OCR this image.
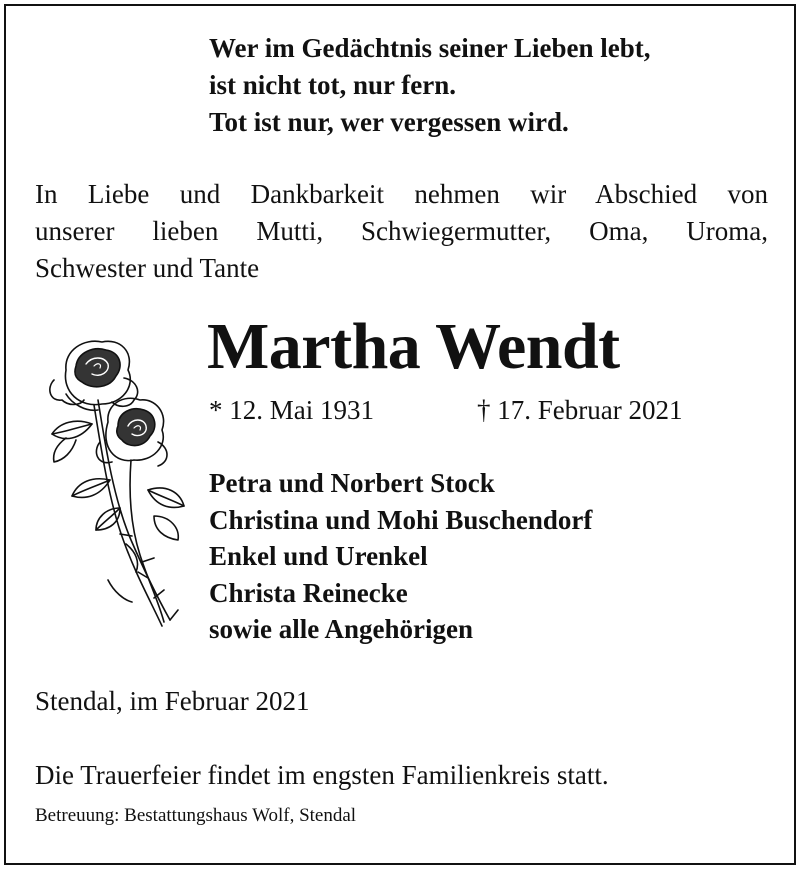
Wer im Gedächtnis seiner Lieben lebt,
ist nicht tot, nur fern.
Tot ist nur, wer vergessen wird.
In Liebe und Dankbarkeit nehmen wir Abschied von
unserer lieben Mutti, Schwiegermutter, Oma, Uroma,
Schwester und Tante
Martha Wendt
* 12. Mai 1931	† 17. Februar 2021
Petra und Norbert Stock
Christina und Mohi Buschendorf
Enkel und Urenkel
Christa Reinecke
sowie alle Angehörigen
Stendal, im Februar 2021
Die Trauerfeier findet im engsten Familienkreis statt.
Betreuung: Bestattungshaus Wolf, Stendal
